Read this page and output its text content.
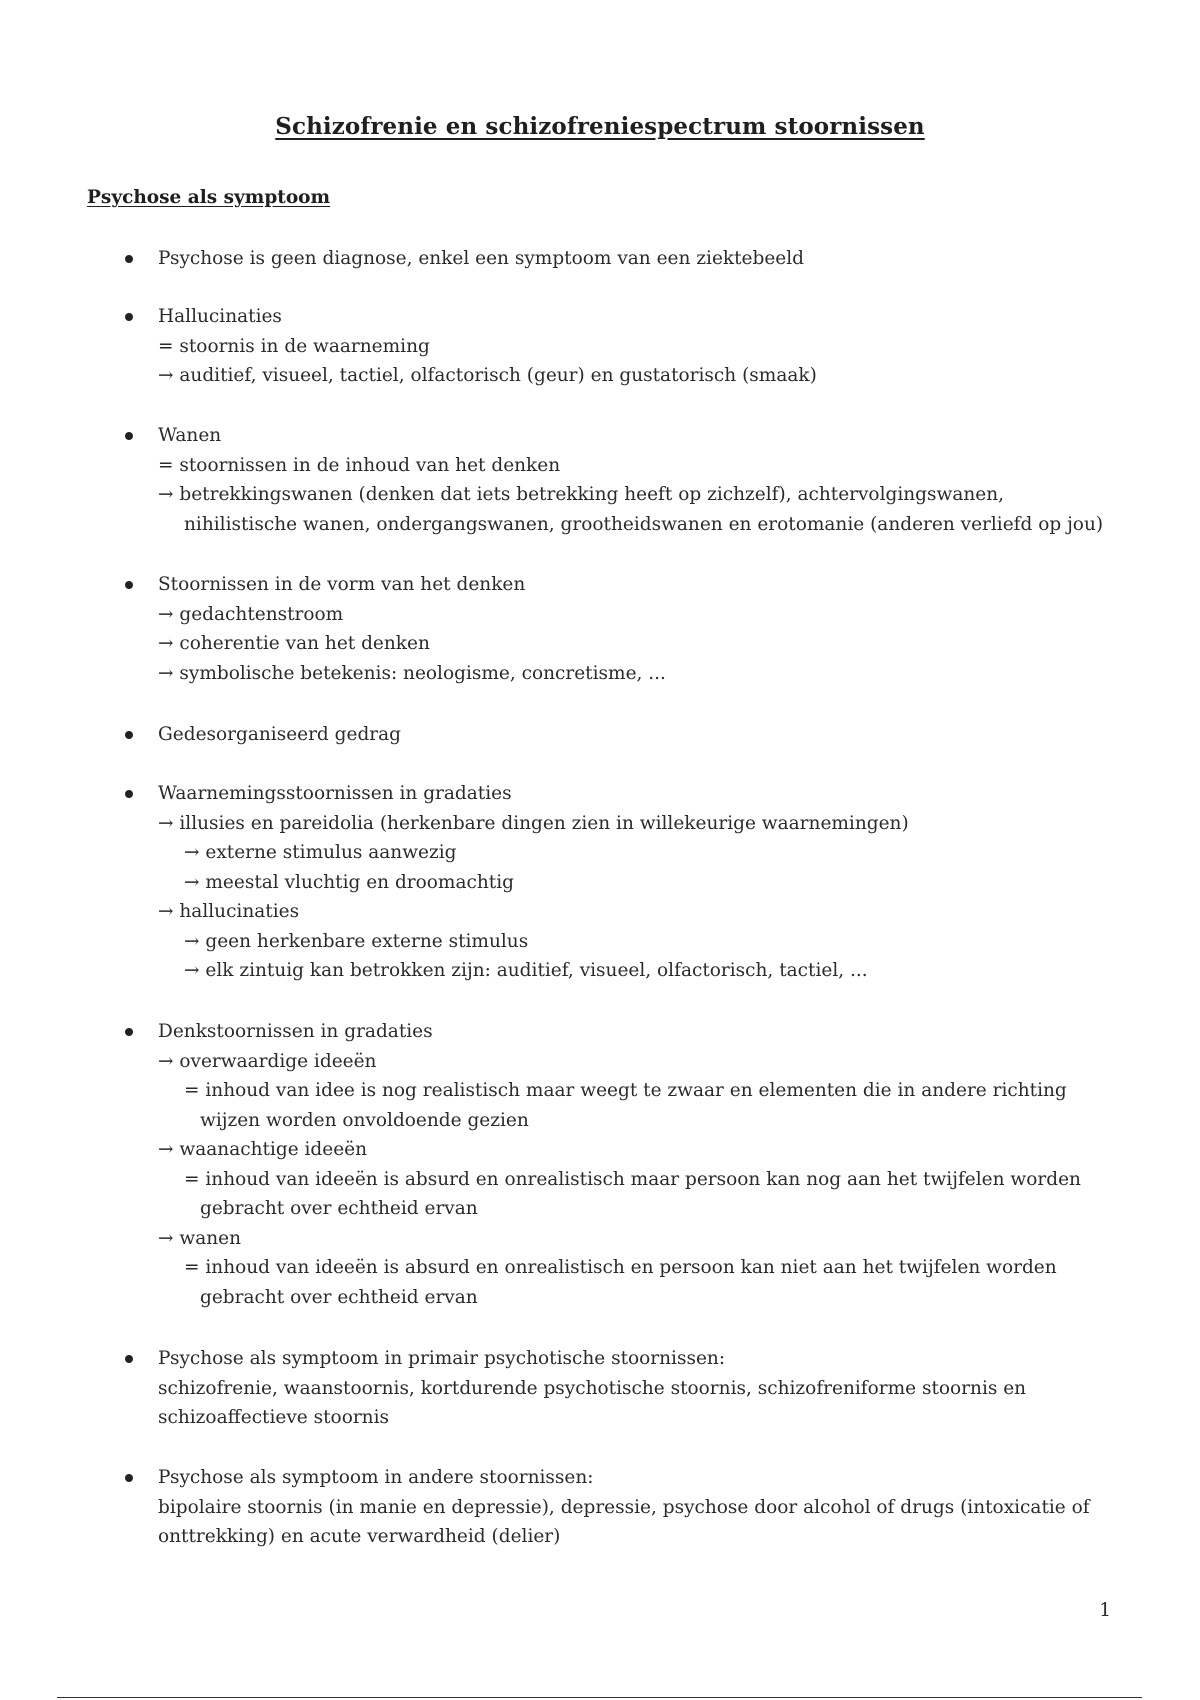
Schizofrenie en schizofreniespectrum stoornissen
Psychose als symptoom
Psychose is geen diagnose, enkel een symptoom van een ziektebeeld
Hallucinaties
= stoornis in de waarneming
→ auditief, visueel, tactiel, olfactorisch (geur) en gustatorisch (smaak)
Wanen
= stoornissen in de inhoud van het denken
→ betrekkingswanen (denken dat iets betrekking heeft op zichzelf), achtervolgingswanen,
nihilistische wanen, ondergangswanen, grootheidswanen en erotomanie (anderen verliefd op jou)
Stoornissen in de vorm van het denken
→ gedachtenstroom
→ coherentie van het denken
→ symbolische betekenis: neologisme, concretisme, ...
Gedesorganiseerd gedrag
Waarnemingsstoornissen in gradaties
→ illusies en pareidolia (herkenbare dingen zien in willekeurige waarnemingen)
→ externe stimulus aanwezig
→ meestal vluchtig en droomachtig
→ hallucinaties
→ geen herkenbare externe stimulus
→ elk zintuig kan betrokken zijn: auditief, visueel, olfactorisch, tactiel, ...
Denkstoornissen in gradaties
→ overwaardige ideeën
= inhoud van idee is nog realistisch maar weegt te zwaar en elementen die in andere richting
wijzen worden onvoldoende gezien
→ waanachtige ideeën
= inhoud van ideeën is absurd en onrealistisch maar persoon kan nog aan het twijfelen worden
gebracht over echtheid ervan
→ wanen
= inhoud van ideeën is absurd en onrealistisch en persoon kan niet aan het twijfelen worden
gebracht over echtheid ervan
Psychose als symptoom in primair psychotische stoornissen:
schizofrenie, waanstoornis, kortdurende psychotische stoornis, schizofreniforme stoornis en
schizoaffectieve stoornis
Psychose als symptoom in andere stoornissen:
bipolaire stoornis (in manie en depressie), depressie, psychose door alcohol of drugs (intoxicatie of
onttrekking) en acute verwardheid (delier)
1
